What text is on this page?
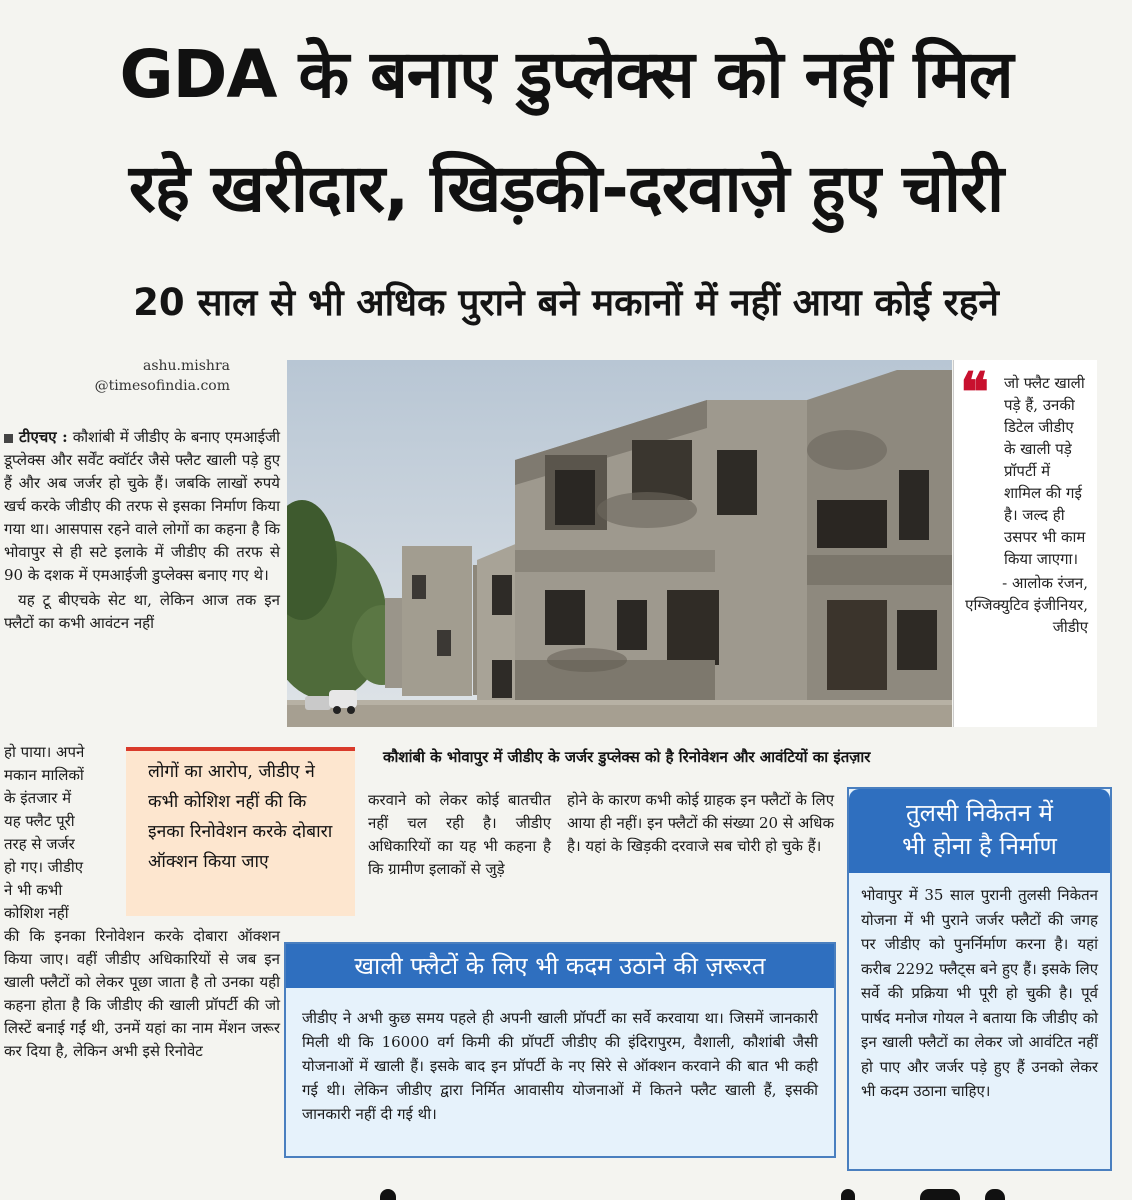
GDA के बनाए डुप्लेक्स को नहीं मिल
रहे खरीदार, खिड़की-दरवाज़े हुए चोरी
20 साल से भी अधिक पुराने बने मकानों में नहीं आया कोई रहने
ashu.mishra
@timesofindia.com

टीएचए : कौशांबी में जीडीए के बनाए एमआईजी डूप्लेक्स और सर्वेंट क्वॉर्टर जैसे फ्लैट खाली पड़े हुए हैं और अब जर्जर हो चुके हैं। जबकि लाखों रुपये खर्च करके जीडीए की तरफ से इसका निर्माण किया गया था। आसपास रहने वाले लोगों का कहना है कि भोवापुर से ही सटे इलाके में जीडीए की तरफ से 90 के दशक में एमआईजी डुप्लेक्स बनाए गए थे।

यह टू बीएचके सेट था, लेकिन आज तक इन फ्लैटों का कभी आवंटन नहीं

हो पाया। अपने
मकान मालिकों
के इंतजार में
यह फ्लैट पूरी
तरह से जर्जर
हो गए। जीडीए
ने भी कभी
कोशिश नहीं
की कि इनका रिनोवेशन करके दोबारा ऑक्शन किया जाए। वहीं जीडीए अधिकारियों से जब इन खाली फ्लैटों को लेकर पूछा जाता है तो उनका यही कहना होता है कि जीडीए की खाली प्रॉपर्टी की जो लिस्टें बनाई गईं थी, उनमें यहां का नाम मेंशन जरूर कर दिया है, लेकिन अभी इसे रिनोवेट
लोगों का आरोप, जीडीए ने कभी कोशिश नहीं की कि इनका रिनोवेशन करके दोबारा ऑक्शन किया जाए
❝ जो फ्लैट खाली पड़े हैं, उनकी डिटेल जीडीए के खाली पड़े प्रॉपर्टी में शामिल की गई है। जल्द ही उसपर भी काम किया जाएगा।
- आलोक रंजन, एग्जिक्युटिव इंजीनियर, जीडीए
कौशांबी के भोवापुर में जीडीए के जर्जर डुप्लेक्स को है रिनोवेशन और आवंटियों का इंतज़ार
करवाने को लेकर कोई बातचीत नहीं चल रही है। जीडीए अधिकारियों का यह भी कहना है कि ग्रामीण इलाकों से जुड़े
होने के कारण कभी कोई ग्राहक इन फ्लैटों के लिए आया ही नहीं। इन फ्लैटों की संख्या 20 से अधिक है। यहां के खिड़की दरवाजे सब चोरी हो चुके हैं।
खाली फ्लैटों के लिए भी कदम उठाने की ज़रूरत
जीडीए ने अभी कुछ समय पहले ही अपनी खाली प्रॉपर्टी का सर्वे करवाया था। जिसमें जानकारी मिली थी कि 16000 वर्ग किमी की प्रॉपर्टी जीडीए की इंदिरापुरम, वैशाली, कौशांबी जैसी योजनाओं में खाली हैं। इसके बाद इन प्रॉपर्टी के नए सिरे से ऑक्शन करवाने की बात भी कही गई थी। लेकिन जीडीए द्वारा निर्मित आवासीय योजनाओं में कितने फ्लैट खाली हैं, इसकी जानकारी नहीं दी गई थी।
तुलसी निकेतन में
भी होना है निर्माण
भोवापुर में 35 साल पुरानी तुलसी निकेतन योजना में भी पुराने जर्जर फ्लैटों की जगह पर जीडीए को पुनर्निर्माण करना है। यहां करीब 2292 फ्लैट्स बने हुए हैं। इसके लिए सर्वे की प्रक्रिया भी पूरी हो चुकी है। पूर्व पार्षद मनोज गोयल ने बताया कि जीडीए को इन खाली फ्लैटों का लेकर जो आवंटित नहीं हो पाए और जर्जर पड़े हुए हैं उनको लेकर भी कदम उठाना चाहिए।
